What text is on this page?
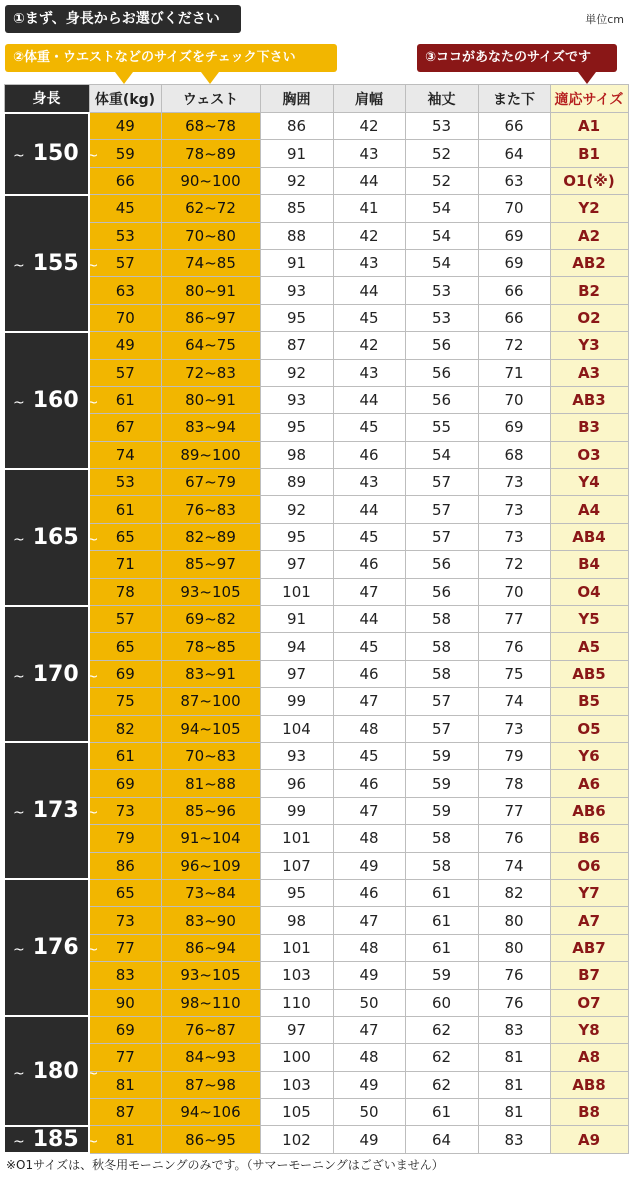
①まず、身長からお選びください	単位cm
②体重・ウエストなどのサイズをチェック下さい	③ココがあなたのサイズです
身長	体重(kg)	ウェスト	胸囲	肩幅	袖丈	また下	適応サイズ
~ 150 ~	49	68~78	86	42	53	66	A1
	59	78~89	91	43	52	64	B1
	66	90~100	92	44	52	63	O1(※)
~ 155 ~	45	62~72	85	41	54	70	Y2
	53	70~80	88	42	54	69	A2
	57	74~85	91	43	54	69	AB2
	63	80~91	93	44	53	66	B2
	70	86~97	95	45	53	66	O2
~ 160 ~	49	64~75	87	42	56	72	Y3
	57	72~83	92	43	56	71	A3
	61	80~91	93	44	56	70	AB3
	67	83~94	95	45	55	69	B3
	74	89~100	98	46	54	68	O3
~ 165 ~	53	67~79	89	43	57	73	Y4
	61	76~83	92	44	57	73	A4
	65	82~89	95	45	57	73	AB4
	71	85~97	97	46	56	72	B4
	78	93~105	101	47	56	70	O4
~ 170 ~	57	69~82	91	44	58	77	Y5
	65	78~85	94	45	58	76	A5
	69	83~91	97	46	58	75	AB5
	75	87~100	99	47	57	74	B5
	82	94~105	104	48	57	73	O5
~ 173 ~	61	70~83	93	45	59	79	Y6
	69	81~88	96	46	59	78	A6
	73	85~96	99	47	59	77	AB6
	79	91~104	101	48	58	76	B6
	86	96~109	107	49	58	74	O6
~ 176 ~	65	73~84	95	46	61	82	Y7
	73	83~90	98	47	61	80	A7
	77	86~94	101	48	61	80	AB7
	83	93~105	103	49	59	76	B7
	90	98~110	110	50	60	76	O7
~ 180 ~	69	76~87	97	47	62	83	Y8
	77	84~93	100	48	62	81	A8
	81	87~98	103	49	62	81	AB8
	87	94~106	105	50	61	81	B8
~ 185 ~	81	86~95	102	49	64	83	A9
※O1サイズは、秋冬用モーニングのみです。（サマーモーニングはございません）
